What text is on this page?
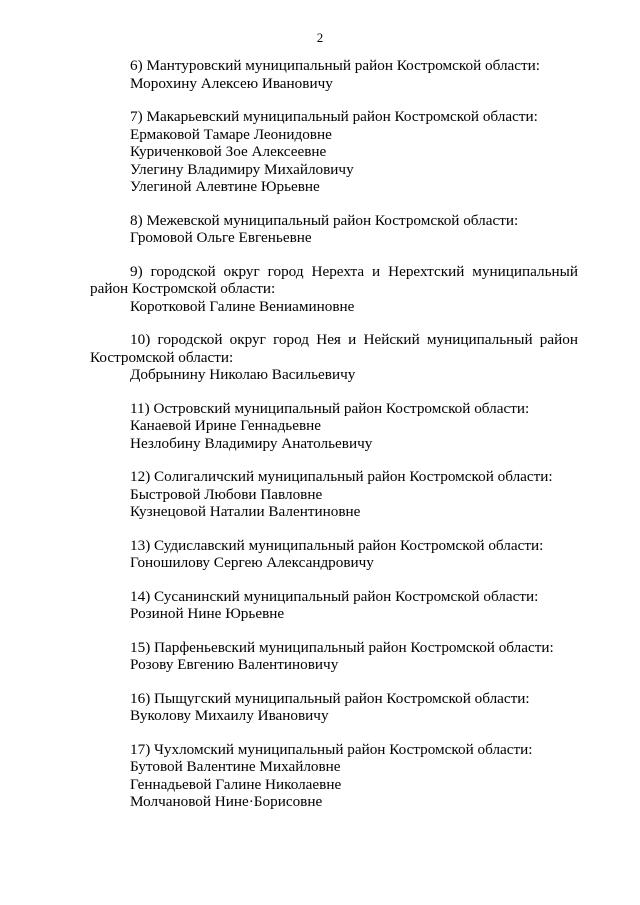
2

6) Мантуровский муниципальный район Костромской области:

Морохину Алексею Ивановичу

7) Макарьевский муниципальный район Костромской области:

Ермаковой Тамаре Леонидовне

Куриченковой Зое Алексеевне

Улегину Владимиру Михайловичу

Улегиной Алевтине Юрьевне

8) Межевской муниципальный район Костромской области:

Громовой Ольге Евгеньевне

9) городской округ город Нерехта и Нерехтский муниципальный район Костромской области:

Коротковой Галине Вениаминовне

10) городской округ город Нея и Нейский муниципальный район Костромской области:

Добрынину Николаю Васильевичу

11) Островский муниципальный район Костромской области:

Канаевой Ирине Геннадьевне

Незлобину Владимиру Анатольевичу

12) Солигаличский муниципальный район Костромской области:

Быстровой Любови Павловне

Кузнецовой Наталии Валентиновне

13) Судиславский муниципальный район Костромской области:

Гоношилову Сергею Александровичу

14) Сусанинский муниципальный район Костромской области:

Розиной Нине Юрьевне

15) Парфеньевский муниципальный район Костромской области:

Розову Евгению Валентиновичу

16) Пыщугский муниципальный район Костромской области:

Вуколову Михаилу Ивановичу

17) Чухломский муниципальный район Костромской области:

Бутовой Валентине Михайловне

Геннадьевой Галине Николаевне

Молчановой Нине·Борисовне
